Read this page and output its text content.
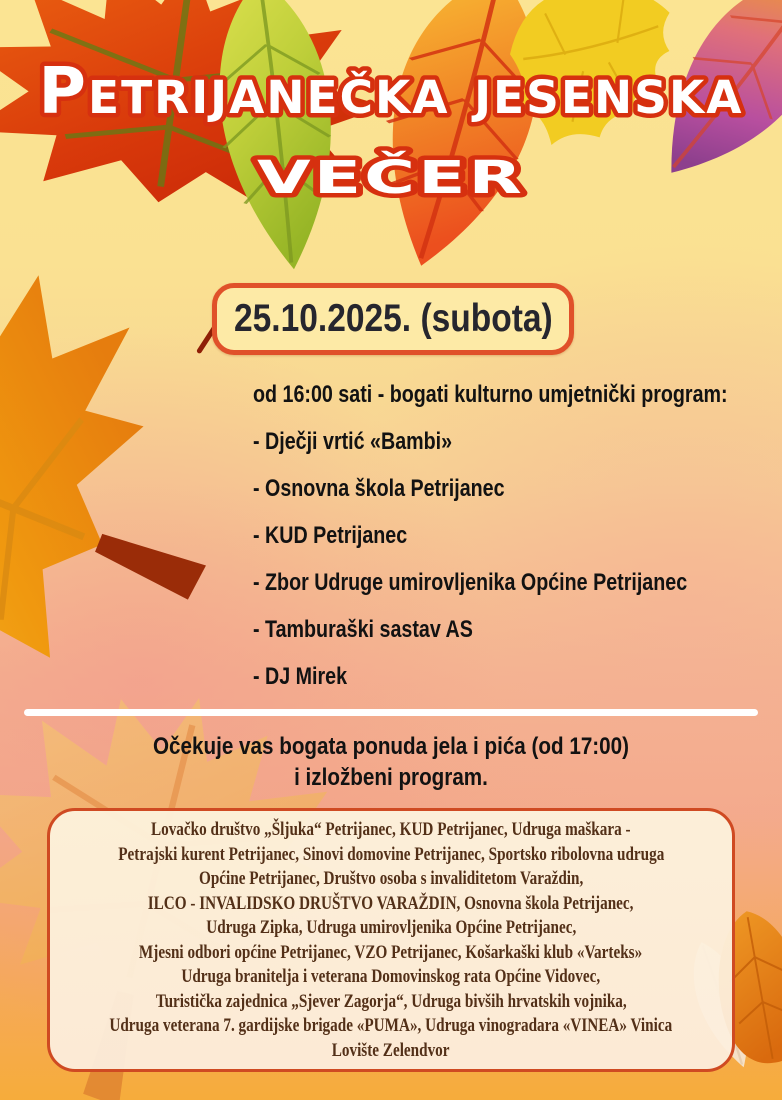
Petrijanečka jesenska
večer
25.10.2025. (subota)
od 16:00 sati - bogati kulturno umjetnički program:
- Dječji vrtić «Bambi»
- Osnovna škola Petrijanec
- KUD Petrijanec
- Zbor Udruge umirovljenika Općine Petrijanec
- Tamburaški sastav AS
- DJ Mirek
Očekuje vas bogata ponuda jela i pića (od 17:00)
i izložbeni program.
Lovačko društvo „Šljuka“ Petrijanec, KUD Petrijanec, Udruga maškara -
Petrajski kurent Petrijanec, Sinovi domovine Petrijanec, Sportsko ribolovna udruga
Općine Petrijanec, Društvo osoba s invaliditetom Varaždin,
ILCO - INVALIDSKO DRUŠTVO VARAŽDIN, Osnovna škola Petrijanec,
Udruga Zipka, Udruga umirovljenika Općine Petrijanec,
Mjesni odbori općine Petrijanec, VZO Petrijanec, Košarkaški klub «Varteks»
Udruga branitelja i veterana Domovinskog rata Općine Vidovec,
Turistička zajednica „Sjever Zagorja“, Udruga bivših hrvatskih vojnika,
Udruga veterana 7. gardijske brigade «PUMA», Udruga vinogradara «VINEA» Vinica
Lovište Zelendvor
